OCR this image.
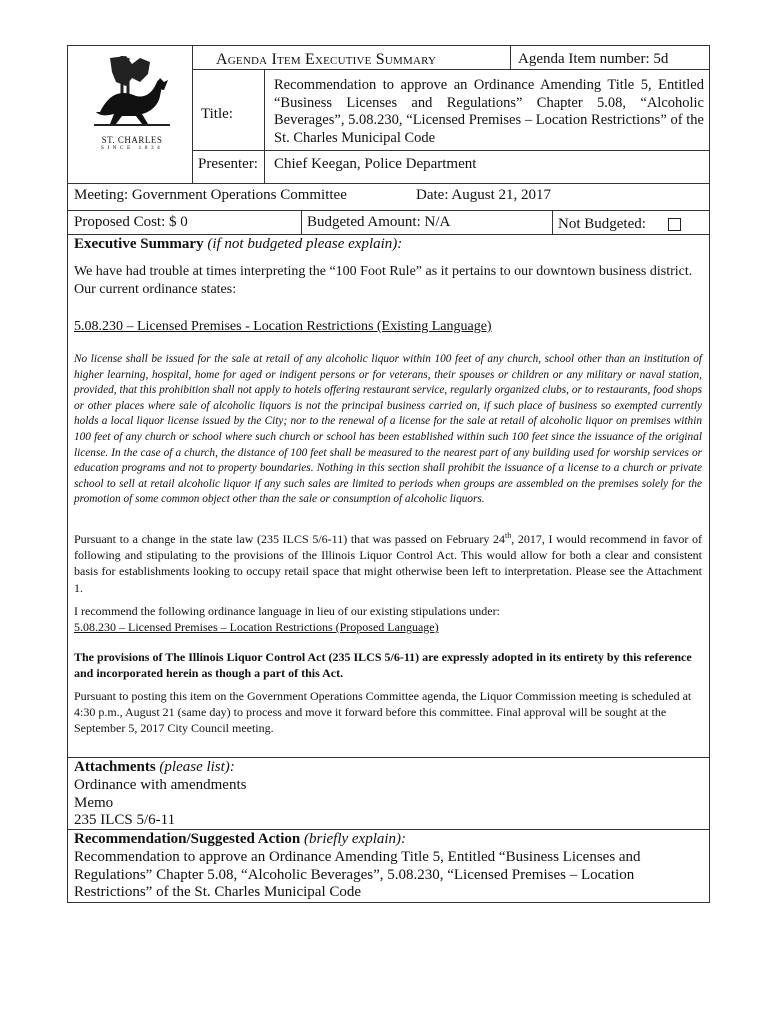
ST. CHARLES
SINCE 1834
Agenda Item Executive Summary	Agenda Item number: 5d
Title:
Recommendation to approve an Ordinance Amending Title 5, Entitled “Business Licenses and Regulations” Chapter 5.08, “Alcoholic Beverages”, 5.08.230, “Licensed Premises – Location Restrictions” of the St. Charles Municipal Code
Presenter: Chief Keegan, Police Department
Meeting: Government Operations Committee	Date: August 21, 2017
Proposed Cost: $ 0	Budgeted Amount: N/A	Not Budgeted:
Executive Summary (if not budgeted please explain):
We have had trouble at times interpreting the “100 Foot Rule” as it pertains to our downtown business district. Our current ordinance states:
5.08.230 – Licensed Premises - Location Restrictions (Existing Language)
No license shall be issued for the sale at retail of any alcoholic liquor within 100 feet of any church, school other than an institution of higher learning, hospital, home for aged or indigent persons or for veterans, their spouses or children or any military or naval station, provided, that this prohibition shall not apply to hotels offering restaurant service, regularly organized clubs, or to restaurants, food shops or other places where sale of alcoholic liquors is not the principal business carried on, if such place of business so exempted currently holds a local liquor license issued by the City; nor to the renewal of a license for the sale at retail of alcoholic liquor on premises within 100 feet of any church or school where such church or school has been established within such 100 feet since the issuance of the original license. In the case of a church, the distance of 100 feet shall be measured to the nearest part of any building used for worship services or education programs and not to property boundaries. Nothing in this section shall prohibit the issuance of a license to a church or private school to sell at retail alcoholic liquor if any such sales are limited to periods when groups are assembled on the premises solely for the promotion of some common object other than the sale or consumption of alcoholic liquors.
Pursuant to a change in the state law (235 ILCS 5/6-11) that was passed on February 24th, 2017, I would recommend in favor of following and stipulating to the provisions of the Illinois Liquor Control Act. This would allow for both a clear and consistent basis for establishments looking to occupy retail space that might otherwise been left to interpretation. Please see the Attachment 1.
I recommend the following ordinance language in lieu of our existing stipulations under:
5.08.230 – Licensed Premises – Location Restrictions (Proposed Language)
The provisions of The Illinois Liquor Control Act (235 ILCS 5/6-11) are expressly adopted in its entirety by this reference and incorporated herein as though a part of this Act.
Pursuant to posting this item on the Government Operations Committee agenda, the Liquor Commission meeting is scheduled at 4:30 p.m., August 21 (same day) to process and move it forward before this committee. Final approval will be sought at the September 5, 2017 City Council meeting.
Attachments (please list):
Ordinance with amendments
Memo
235 ILCS 5/6-11
Recommendation/Suggested Action (briefly explain):
Recommendation to approve an Ordinance Amending Title 5, Entitled “Business Licenses and Regulations” Chapter 5.08, “Alcoholic Beverages”, 5.08.230, “Licensed Premises – Location Restrictions” of the St. Charles Municipal Code
